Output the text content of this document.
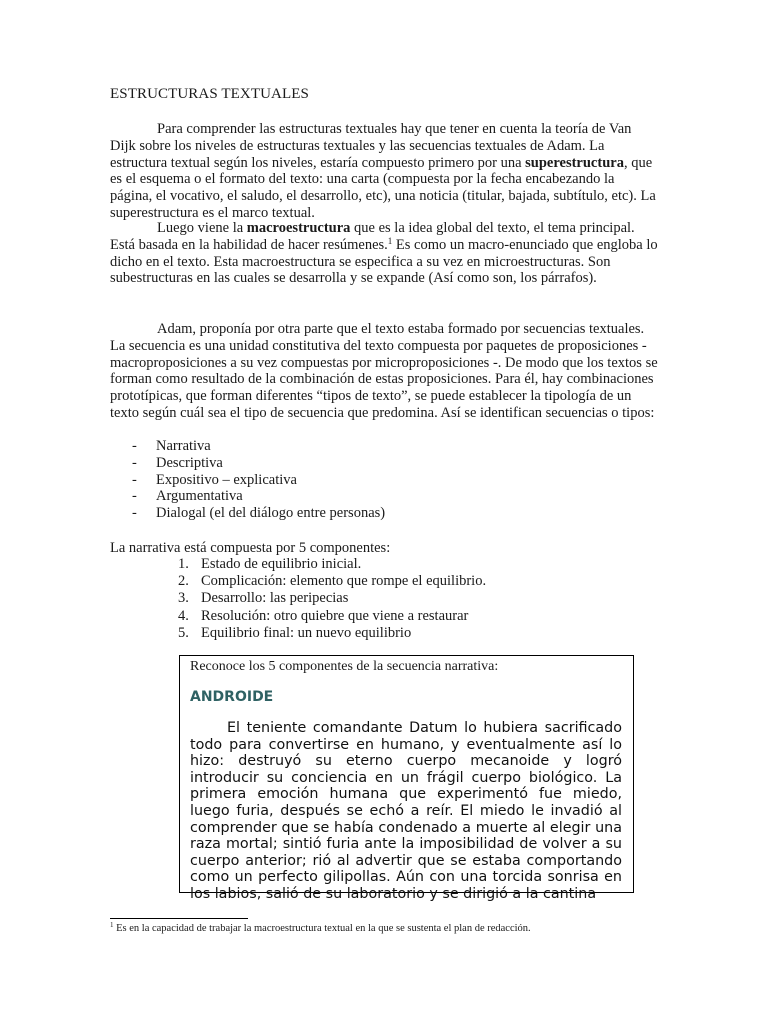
ESTRUCTURAS TEXTUALES

Para comprender las estructuras textuales hay que tener en cuenta la teoría de Van Dijk sobre los niveles de estructuras textuales y las secuencias textuales de Adam. La estructura textual según los niveles, estaría compuesto primero por una superestructura, que es el esquema o el formato del texto: una carta (compuesta por la fecha encabezando la página, el vocativo, el saludo, el desarrollo, etc), una noticia (titular, bajada, subtítulo, etc). La superestructura es el marco textual.

Luego viene la macroestructura que es la idea global del texto, el tema principal. Está basada en la habilidad de hacer resúmenes.$^1$ Es como un macro-enunciado que engloba lo dicho en el texto. Esta macroestructura se especifica a su vez en microestructuras. Son subestructuras en las cuales se desarrolla y se expande (Así como son, los párrafos).

Adam, proponía por otra parte que el texto estaba formado por secuencias textuales. La secuencia es una unidad constitutiva del texto compuesta por paquetes de proposiciones -macroproposiciones a su vez compuestas por microproposiciones -. De modo que los textos se forman como resultado de la combinación de estas proposiciones. Para él, hay combinaciones prototípicas, que forman diferentes “tipos de texto”, se puede establecer la tipología de un texto según cuál sea el tipo de secuencia que predomina. Así se identifican secuencias o tipos:

-	Narrativa
-	Descriptiva
-	Expositivo – explicativa
-	Argumentativa
-	Dialogal (el del diálogo entre personas)
La narrativa está compuesta por 5 componentes:
1. Estado de equilibrio inicial.
2. Complicación: elemento que rompe el equilibrio.
3. Desarrollo: las peripecias
4. Resolución: otro quiebre que viene a restaurar
5. Equilibrio final: un nuevo equilibrio
Reconoce los 5 componentes de la secuencia narrativa:
ANDROIDE
El teniente comandante Datum lo hubiera sacrificado todo para convertirse en humano, y eventualmente así lo hizo: destruyó su eterno cuerpo mecanoide y logró introducir su conciencia en un frágil cuerpo biológico. La primera emoción humana que experimentó fue miedo, luego furia, después se echó a reír. El miedo le invadió al comprender que se había condenado a muerte al elegir una raza mortal; sintió furia ante la imposibilidad de volver a su cuerpo anterior; rió al advertir que se estaba comportando como un perfecto gilipollas. Aún con una torcida sonrisa en los labios, salió de su laboratorio y se dirigió a la cantina
$^1$ Es en la capacidad de trabajar la macroestructura textual en la que se sustenta el plan de redacción.
